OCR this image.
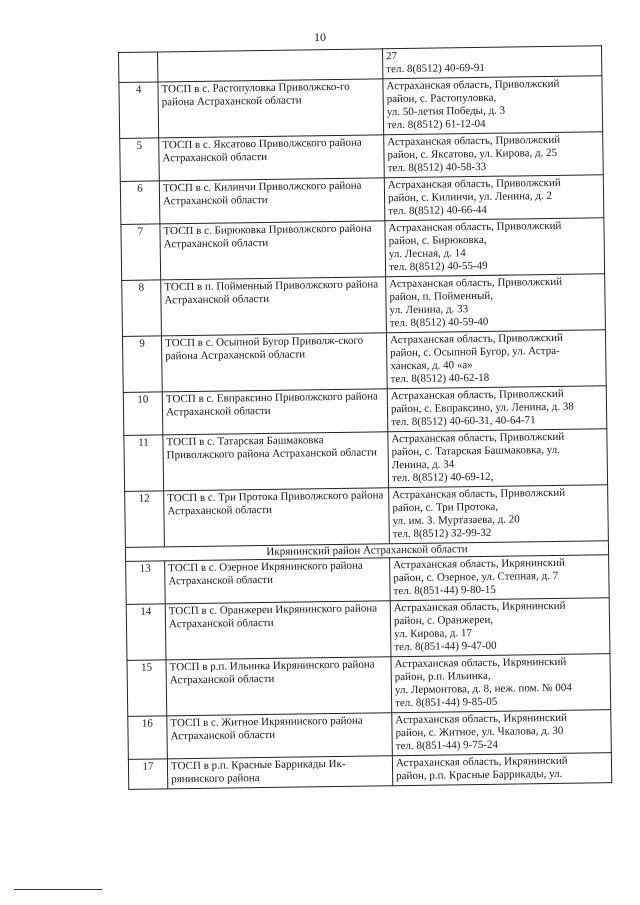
10

		27
тел. 8(8512) 40-69-91

4	ТОСП в с. Растопуловка Приволжско-го района Астраханской области	Астраханская область, Приволжский
район, с. Растопуловка,
ул. 50-летия Победы, д. 3
тел. 8(8512) 61-12-04

5	ТОСП в с. Яксатово Приволжского района Астраханской области	Астраханская область, Приволжский
район, с. Яксатово, ул. Кирова, д. 25
тел. 8(8512) 40-58-33

6	ТОСП в с. Килинчи Приволжского района Астраханской области	Астраханская область, Приволжский
район, с. Килинчи, ул. Ленина, д. 2
тел. 8(8512) 40-66-44

7	ТОСП в с. Бирюковка Приволжского района Астраханской области	Астраханская область, Приволжский
район, с. Бирюковка,
ул. Лесная, д. 14
тел. 8(8512) 40-55-49

8	ТОСП в п. Пойменный Приволжского района Астраханской области	Астраханская область, Приволжский
район, п. Пойменный,
ул. Ленина, д. 33
тел. 8(8512) 40-59-40

9	ТОСП в с. Осыпной Бугор Приволж-ского района Астраханской области	Астраханская область, Приволжский
район, с. Осыпной Бугор, ул. Астра-
ханская, д. 40 «а»
тел. 8(8512) 40-62-18

10	ТОСП в с. Евпраксино Приволжского района Астраханской области	Астраханская область, Приволжский
район, с. Евпраксино, ул. Ленина, д. 38
тел. 8(8512) 40-60-31, 40-64-71

11	ТОСП в с. Татарская Башмаковка Приволжского района Астраханской области	Астраханская область, Приволжский
район, с. Татарская Башмаковка, ул.
Ленина, д. 34
тел. 8(8512) 40-69-12,

12	ТОСП в с. Три Протока Приволжского района Астраханской области	Астраханская область, Приволжский
район, с. Три Протока,
ул. им. З. Муртазаева, д. 20
тел. 8(8512) 32-99-32

Икрянинский район Астраханской области		
13	ТОСП в с. Озерное Икрянинского района Астраханской области	Астраханская область, Икрянинский
район, с. Озерное, ул. Степная, д. 7
тел. 8(851-44) 9-80-15

14	ТОСП в с. Оранжереи Икрянинского района Астраханской области	Астраханская область, Икрянинский
район, с. Оранжереи,
ул. Кирова, д. 17
тел. 8(851-44) 9-47-00

15	ТОСП в р.п. Ильинка Икрянинского района Астраханской области	Астраханская область, Икрянинский
район, р.п. Ильинка,
ул. Лермонтова, д. 8, неж. пом. № 004
тел. 8(851-44) 9-85-05

16	ТОСП в с. Житное Икрянинского района Астраханской области	Астраханская область, Икрянинский
район, с. Житное, ул. Чкалова, д. 30
тел. 8(851-44) 9-75-24

17	ТОСП в р.п. Красные Баррикады Ик-рянинского района	Астраханская область, Икрянинский
район, р.п. Красные Баррикады, ул.
